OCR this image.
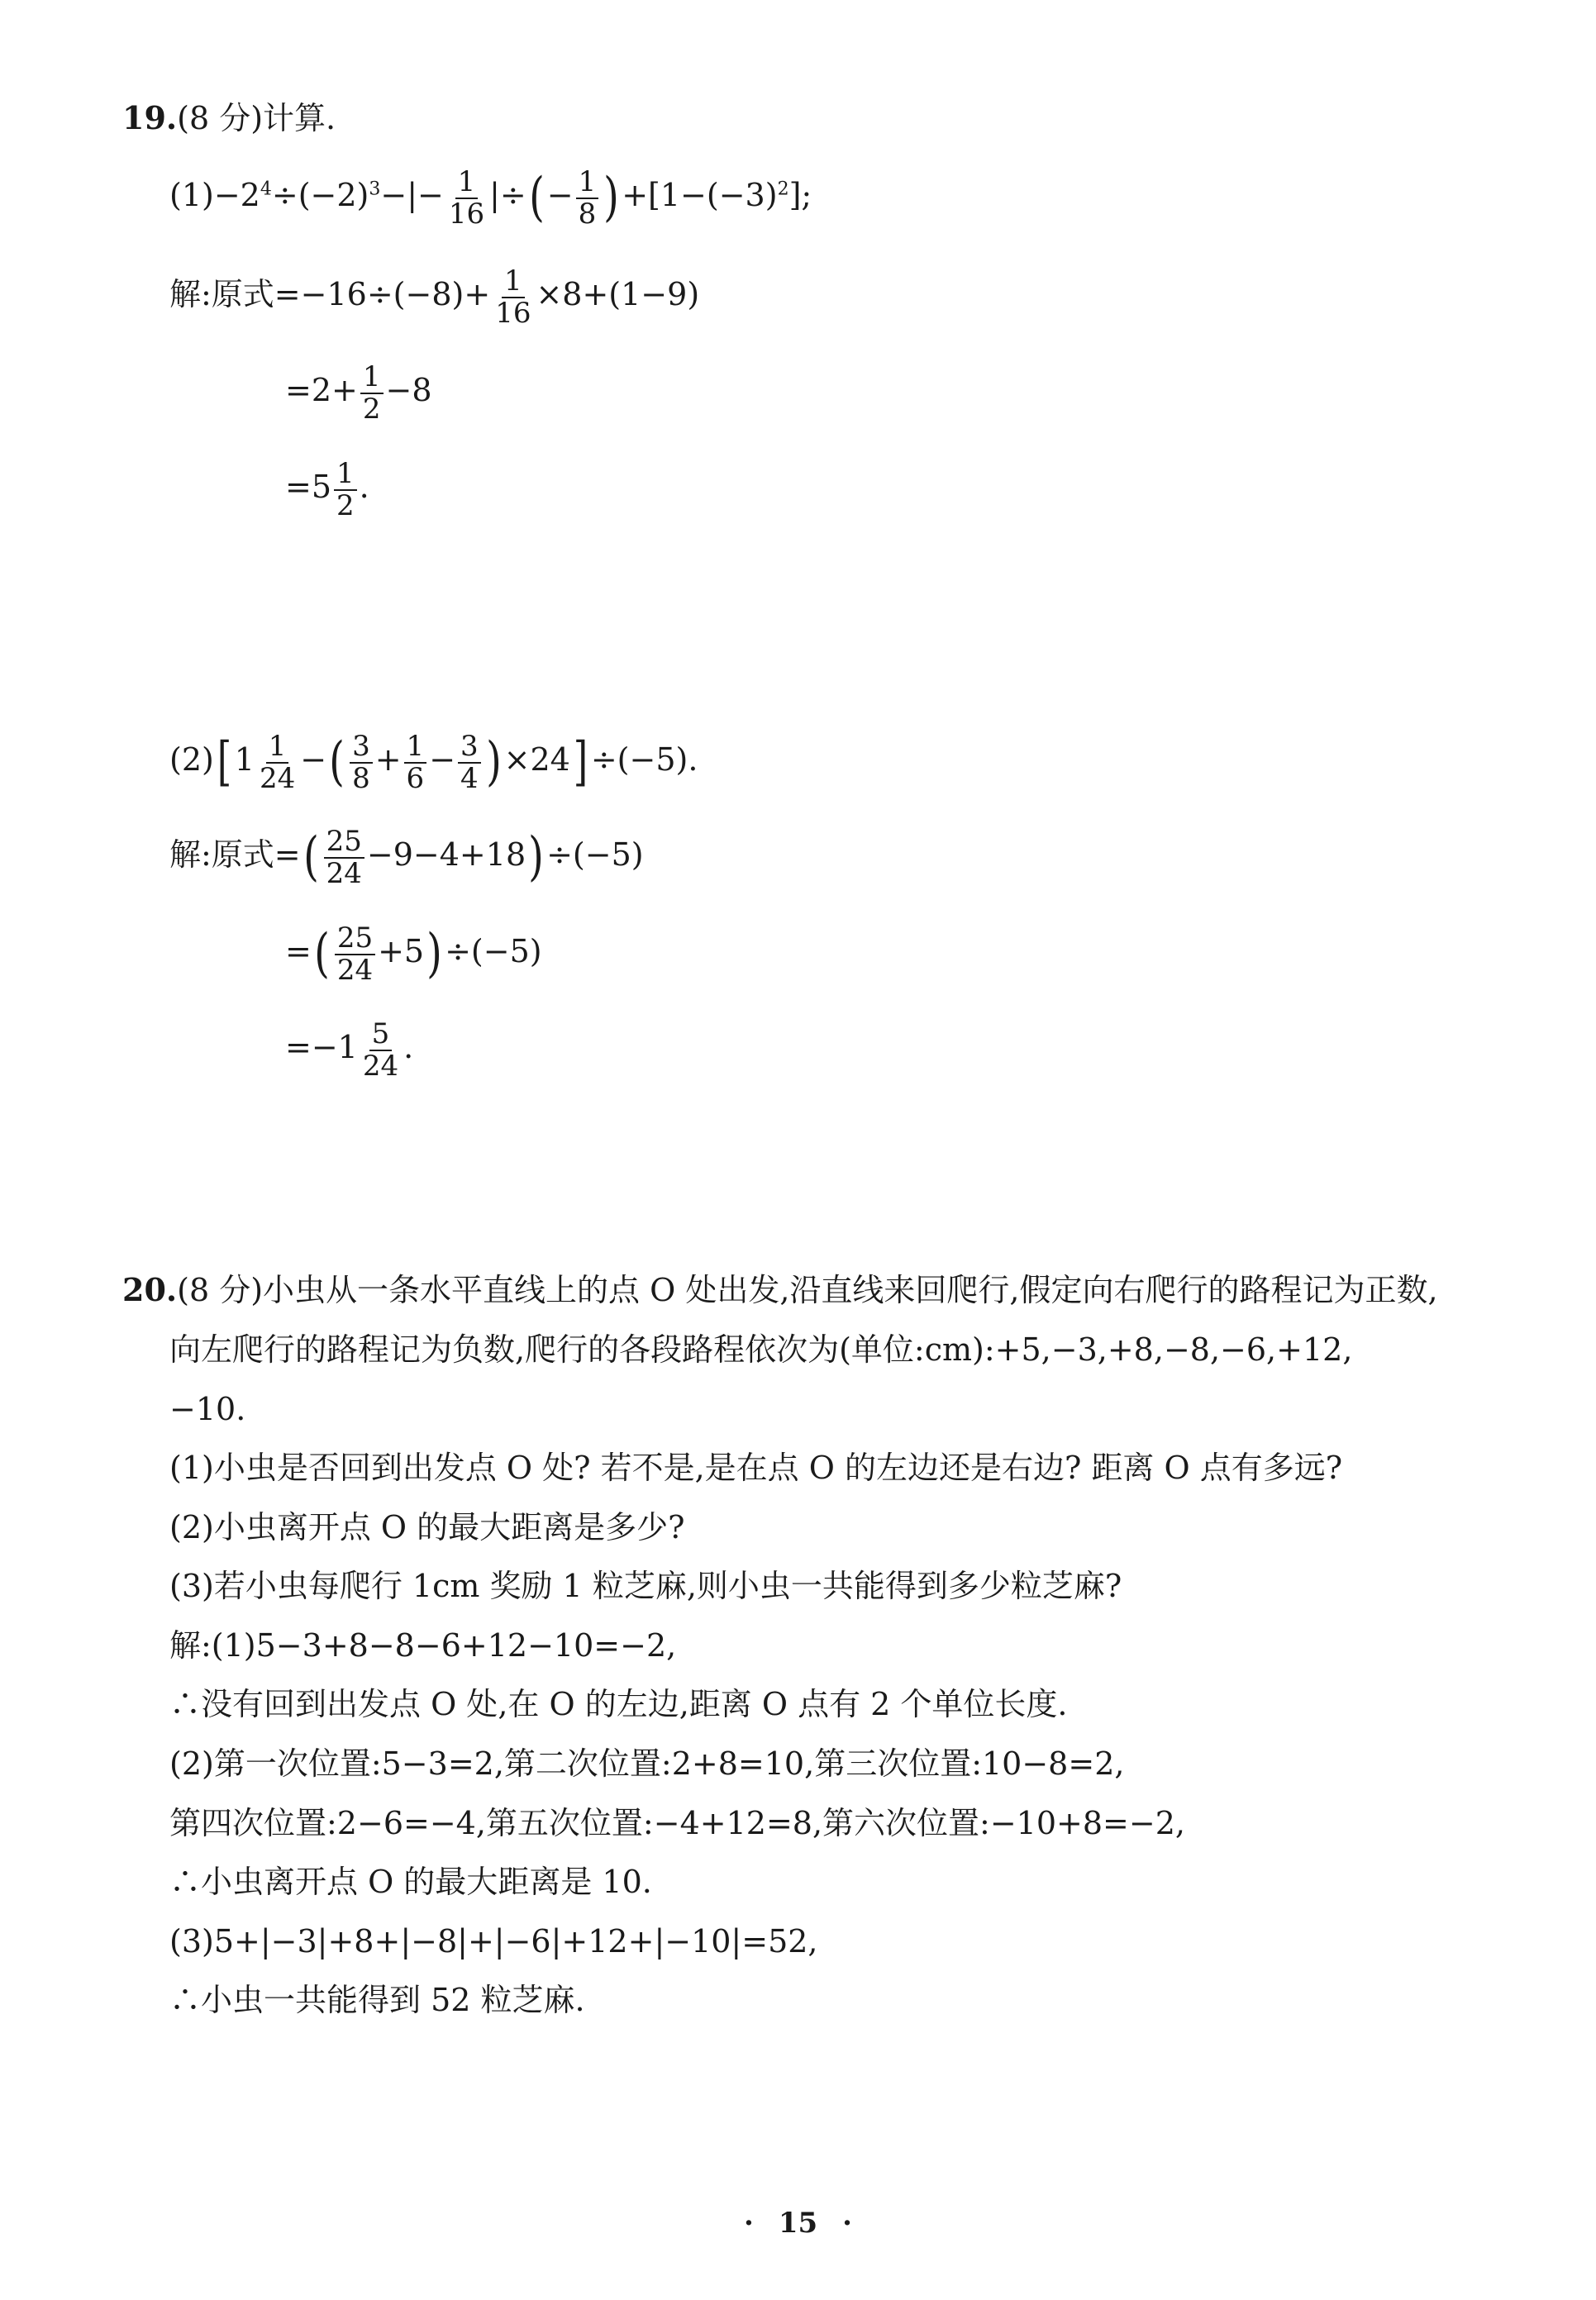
19.(8 分)计算.
$(1)-2^4\div(-2)^3-|- \frac{1}{16}$ |÷(− $\frac{1}{8} )+[1-(-3)^2]$;
解:原式$=-16\div(-8)+ \frac{1}{16} \times 8+(1-9)$
$=2+ \frac{1}{2} -8$
$=5 \frac{1}{2}$ .
$(2)[1 \frac{1}{24}$ −( $\frac{3}{8} + \frac{1}{6} - \frac{3}{4} )\times 24]\div(-5)$.
解:原式=( $\frac{25}{24} -9-4+18)\div(-5)$
=( $\frac{25}{24} +5)\div(-5)$
$=-1 \frac{5}{24}$ .
20.(8 分)小虫从一条水平直线上的点 O 处出发,沿直线来回爬行,假定向右爬行的路程记为正数,
向左爬行的路程记为负数,爬行的各段路程依次为(单位:cm):+5,−3,+8,−8,−6,+12,
−10.
(1)小虫是否回到出发点 O 处? 若不是,是在点 O 的左边还是右边? 距离 O 点有多远?
(2)小虫离开点 O 的最大距离是多少?
(3)若小虫每爬行 1cm 奖励 1 粒芝麻,则小虫一共能得到多少粒芝麻?
解:(1)5−3+8−8−6+12−10=−2,
∴没有回到出发点 O 处,在 O 的左边,距离 O 点有 2 个单位长度.
(2)第一次位置:5−3=2,第二次位置:2+8=10,第三次位置:10−8=2,
第四次位置:2−6=−4,第五次位置:−4+12=8,第六次位置:−10+8=−2,
∴小虫离开点 O 的最大距离是 10.
(3)5+|−3|+8+|−8|+|−6|+12+|−10|=52,
∴小虫一共能得到 52 粒芝麻.
· 15 ·
